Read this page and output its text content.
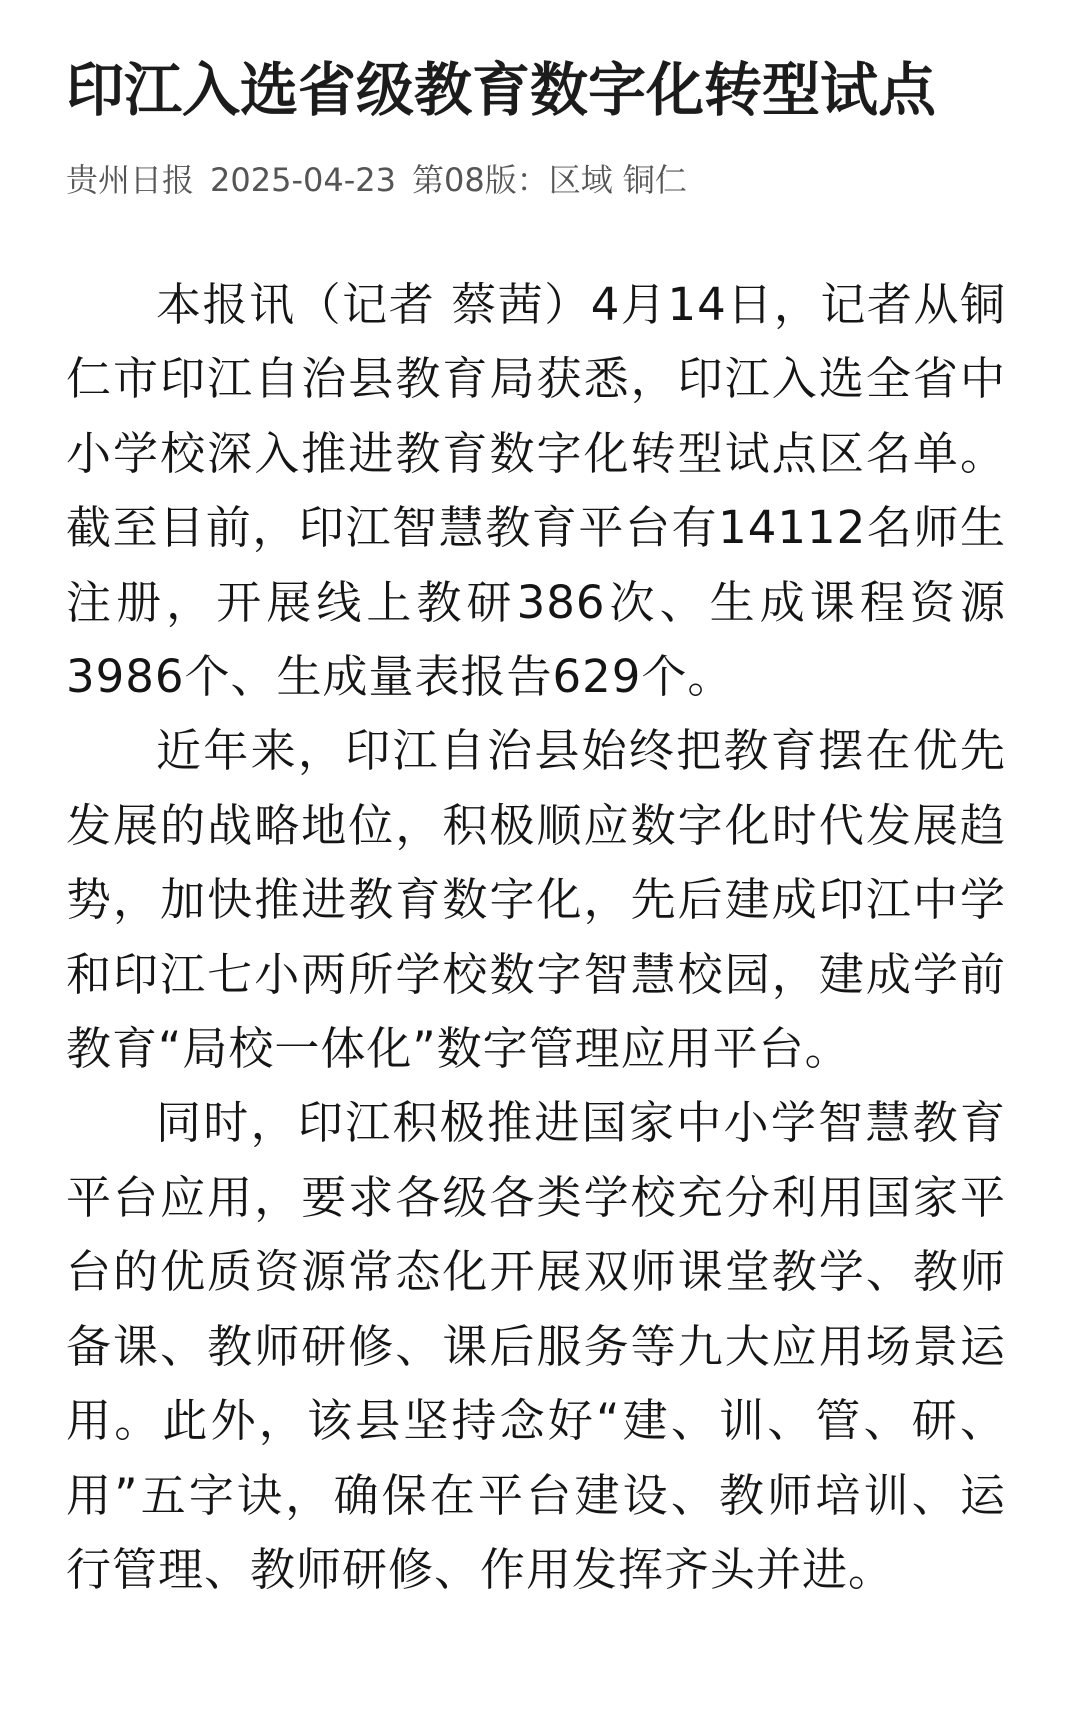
印江入选省级教育数字化转型试点
贵州日报 2025-04-23 第08版：区域 铜仁

本报讯（记者 蔡茜）4月14日，记者从铜仁市印江自治县教育局获悉，印江入选全省中小学校深入推进教育数字化转型试点区名单。截至目前，印江智慧教育平台有14112名师生注册，开展线上教研386次、生成课程资源3986个、生成量表报告629个。

近年来，印江自治县始终把教育摆在优先发展的战略地位，积极顺应数字化时代发展趋势，加快推进教育数字化，先后建成印江中学和印江七小两所学校数字智慧校园，建成学前教育“局校一体化”数字管理应用平台。

同时，印江积极推进国家中小学智慧教育平台应用，要求各级各类学校充分利用国家平台的优质资源常态化开展双师课堂教学、教师备课、教师研修、课后服务等九大应用场景运用。此外，该县坚持念好“建、训、管、研、用”五字诀，确保在平台建设、教师培训、运行管理、教师研修、作用发挥齐头并进。
